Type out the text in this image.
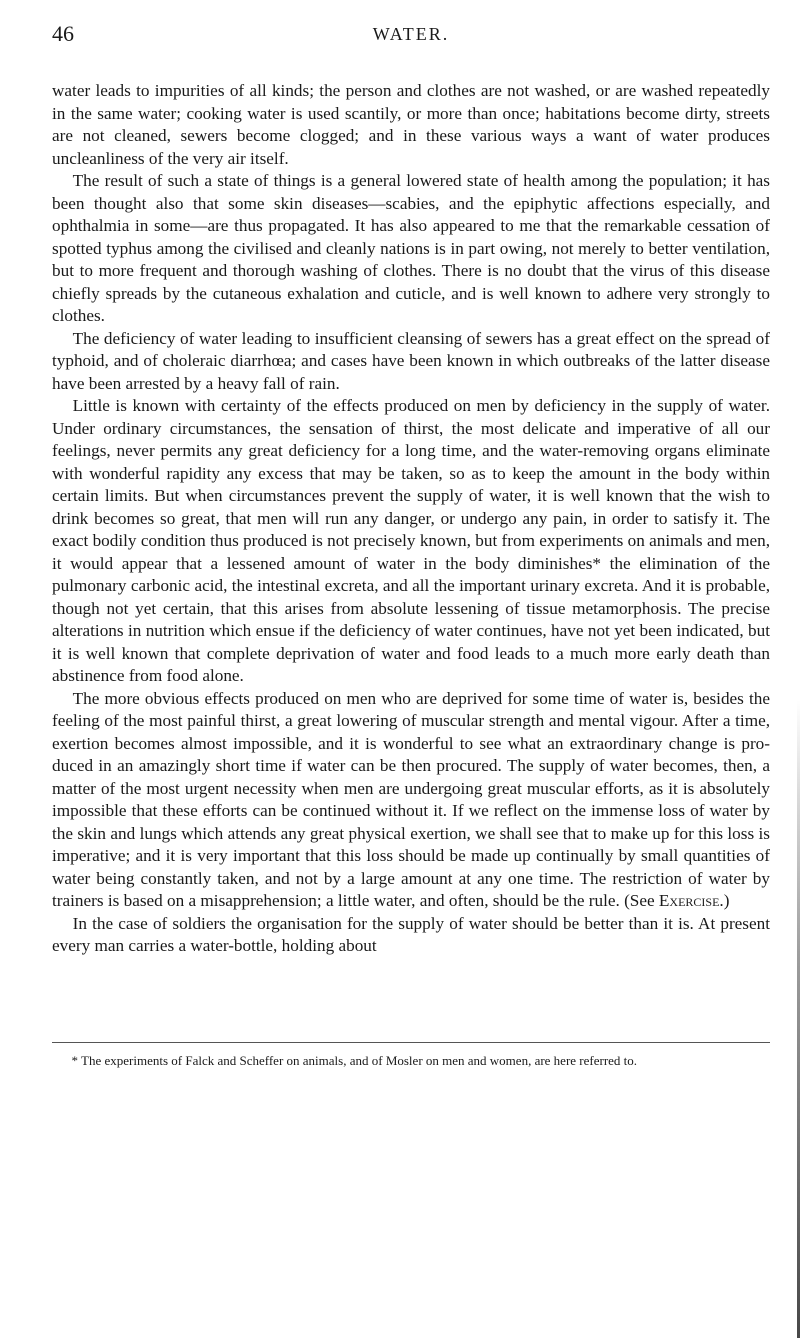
46	WATER.

water leads to impurities of all kinds; the person and clothes are not washed, or are washed repeatedly in the same water; cooking water is used scantily, or more than once; habitations become dirty, streets are not cleaned, sewers become clogged; and in these various ways a want of water produces uncleanliness of the very air itself.

The result of such a state of things is a general lowered state of health among the population; it has been thought also that some skin diseases—scabies, and the epiphytic affections especially, and ophthalmia in some—are thus propagated. It has also appeared to me that the remarkable cessation of spotted typhus among the civilised and cleanly nations is in part owing, not merely to better ventilation, but to more frequent and thorough washing of clothes. There is no doubt that the virus of this disease chiefly spreads by the cutaneous exhalation and cuticle, and is well known to adhere very strongly to clothes.

The deficiency of water leading to insufficient cleansing of sewers has a great effect on the spread of typhoid, and of choleraic diarrhœa; and cases have been known in which outbreaks of the latter disease have been arrested by a heavy fall of rain.

Little is known with certainty of the effects produced on men by deficiency in the supply of water. Under ordinary circumstances, the sensation of thirst, the most delicate and imperative of all our feelings, never permits any great deficiency for a long time, and the water-removing organs eliminate with wonderful rapidity any excess that may be taken, so as to keep the amount in the body within certain limits. But when circumstances prevent the supply of water, it is well known that the wish to drink becomes so great, that men will run any danger, or undergo any pain, in order to satisfy it. The exact bodily condition thus produced is not precisely known, but from experiments on animals and men, it would appear that a lessened amount of water in the body diminishes* the elimination of the pulmonary carbonic acid, the intestinal excreta, and all the important urinary excreta. And it is probable, though not yet certain, that this arises from absolute lessening of tissue metamorphosis. The precise alterations in nutrition which ensue if the deficiency of water continues, have not yet been indicated, but it is well known that complete deprivation of water and food leads to a much more early death than abstinence from food alone.

The more obvious effects produced on men who are deprived for some time of water is, besides the feeling of the most painful thirst, a great lowering of muscular strength and mental vigour. After a time, exertion becomes almost impossible, and it is wonderful to see what an extraordinary change is produced in an amazingly short time if water can be then procured. The supply of water becomes, then, a matter of the most urgent necessity when men are undergoing great muscular efforts, as it is absolutely impossible that these efforts can be continued without it. If we reflect on the immense loss of water by the skin and lungs which attends any great physical exertion, we shall see that to make up for this loss is imperative; and it is very important that this loss should be made up continually by small quantities of water being constantly taken, and not by a large amount at any one time. The restriction of water by trainers is based on a misapprehension; a little water, and often, should be the rule. (See Exercise.)

In the case of soldiers the organisation for the supply of water should be better than it is. At present every man carries a water-bottle, holding about

* The experiments of Falck and Scheffer on animals, and of Mosler on men and women, are here referred to.
